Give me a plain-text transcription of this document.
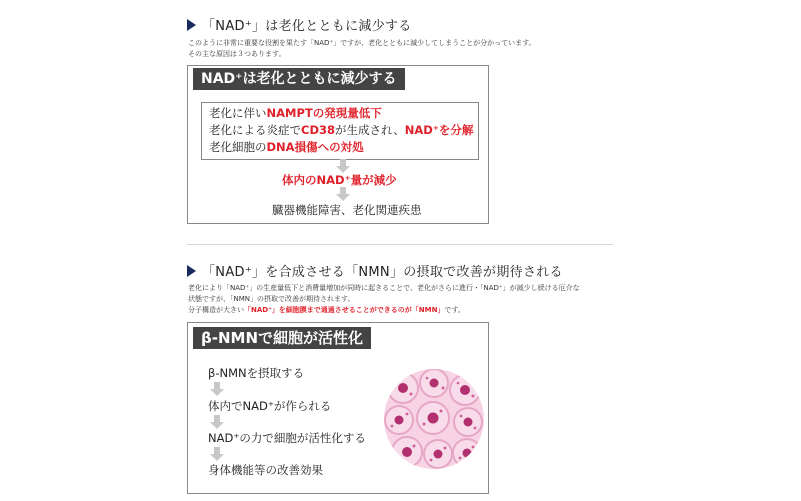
「NAD⁺」は老化とともに減少する
このように非常に重要な役割を果たす「NAD⁺」ですが、老化とともに減少してしまうことが分かっています。
その主な原因は３つあります。
NAD⁺は老化とともに減少する
老化に伴いNAMPTの発現量低下
老化による炎症でCD38が生成され、NAD⁺を分解
老化細胞のDNA損傷への対処
体内のNAD⁺量が減少
臓器機能障害、老化関連疾患
「NAD⁺」を合成させる「NMN」の摂取で改善が期待される
老化により「NAD⁺」の生産量低下と消費量増加が同時に起きることで、老化がさらに進行・「NAD⁺」が減少し続ける厄介な
状態ですが、「NMN」の摂取で改善が期待されます。
分子構造が大きい「NAD⁺」を細胞膜まで通過させることができるのが「NMN」です。
β-NMNで細胞が活性化
β-NMNを摂取する
体内でNAD⁺が作られる
NAD⁺の力で細胞が活性化する
身体機能等の改善効果
